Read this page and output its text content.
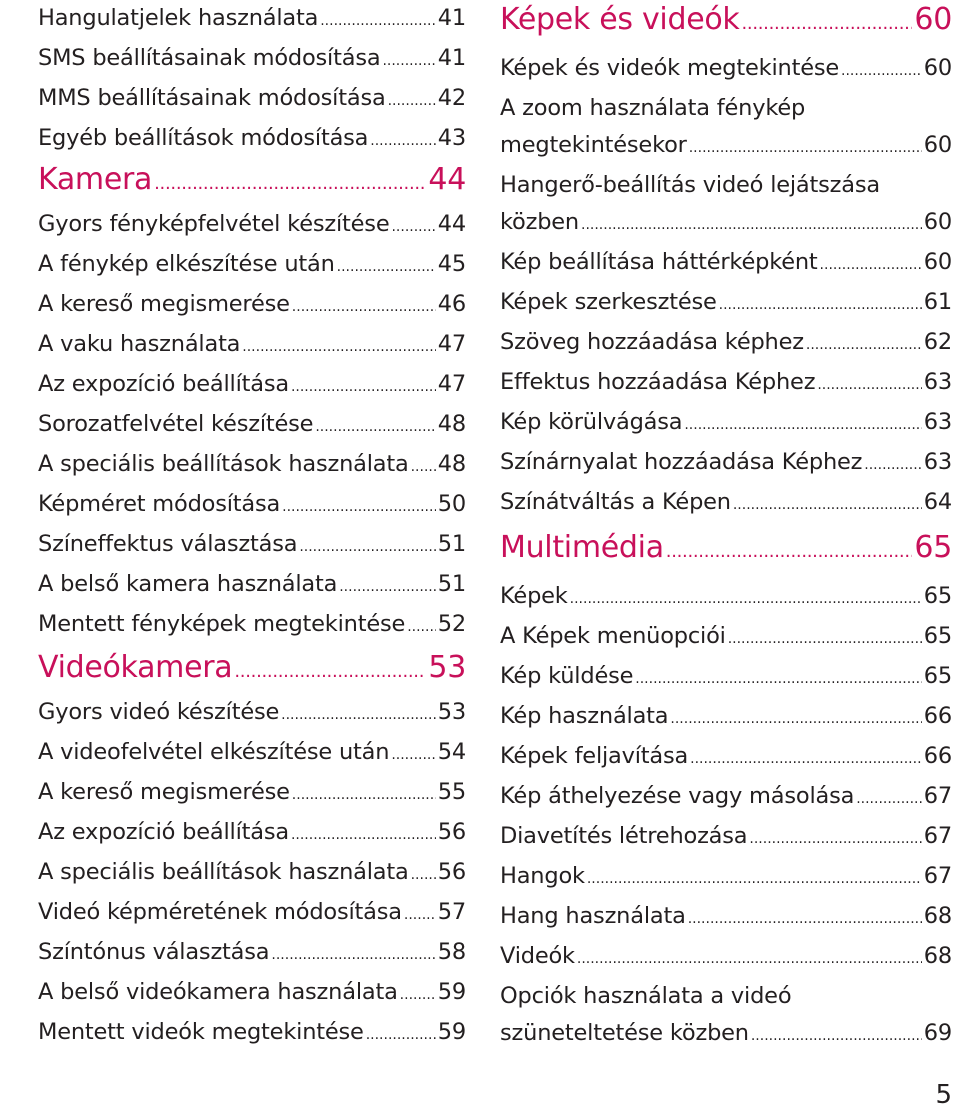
Hangulatjelek használata .....	41
SMS beállításainak módosítása .....	41
MMS beállításainak módosítása ..... 42
Egyéb beállítások módosítása .....	43
Kamera .....	44
Gyors fényképfelvétel készítése ..... 44
A fénykép elkészítése után .....	45
A kereső megismerése .....	46
A vaku használata .....	47
Az expozíció beállítása .....	47
Sorozatfelvétel készítése .....	48
A speciális beállítások használata ..... 48
Képméret módosítása .....	50
Színeffektus választása .....	51
A belső kamera használata .....	51
Mentett fényképek megtekintése ..... 52
Videókamera .....	53
Gyors videó készítése .....	53
A videofelvétel elkészítése után ..... 54
A kereső megismerése .....	55
Az expozíció beállítása .....	56
A speciális beállítások használata ..... 56
Videó képméretének módosítása ..... 57
Színtónus választása .....	58
A belső videókamera használata ..... 59
Mentett videók megtekintése .....	59
Képek és videók .....	60
Képek és videók megtekintése .....	60
A zoom használata fénykép
megtekintésekor .....	60
Hangerő-beállítás videó lejátszása
közben .....	60
Kép beállítása háttérképként .....	60
Képek szerkesztése .....	61
Szöveg hozzáadása képhez .....	62
Effektus hozzáadása Képhez .....	63
Kép körülvágása .....	63
Színárnyalat hozzáadása Képhez .....	63
Színátváltás a Képen .....	64
Multimédia .....	65
Képek .....	65
A Képek menüopciói .....	65
Kép küldése .....	65
Kép használata .....	66
Képek feljavítása .....	66
Kép áthelyezése vagy másolása .....	67
Diavetítés létrehozása .....	67
Hangok .....	67
Hang használata .....	68
Videók .....	68
Opciók használata a videó
szüneteltetése közben .....	69
5
